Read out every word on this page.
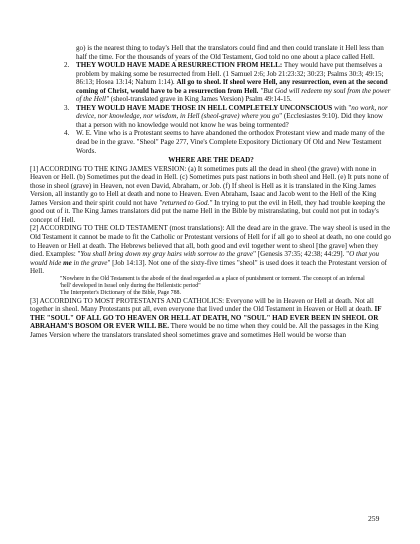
go) is the nearest thing to today's Hell that the translators could find and then could translate it Hell less than half the time. For the thousands of years of the Old Testament, God told no one about a place called Hell.

2. THEY WOULD HAVE MADE A RESURRECTION FROM HELL: They would have put themselves a problem by making some be resurrected from Hell. (1 Samuel 2:6; Job 21:23:32; 30:23; Psalms 30:3; 49:15; 86:13; Hosea 13:14; Nahum 1:14). All go to sheol. If sheol were Hell, any resurrection, even at the second coming of Christ, would have to be a resurrection from Hell. "But God will redeem my soul from the power of the Hell" (sheol-translated grave in King James Version) Psalm 49:14-15.
3. THEY WOULD HAVE MADE THOSE IN HELL COMPLETELY UNCONSCIOUS with "no work, nor device, nor knowledge, nor wisdom, in Hell (sheol-grave) where you go" (Ecclesiastes 9:10). Did they know that a person with no knowledge would not know he was being tormented?
4. W. E. Vine who is a Protestant seems to have abandoned the orthodox Protestant view and made many of the dead be in the grave. "Sheol" Page 277, Vine's Complete Expository Dictionary Of Old and New Testament Words.

WHERE ARE THE DEAD?

[1] ACCORDING TO THE KING JAMES VERSION: (a) It sometimes puts all the dead in sheol (the grave) with none in Heaven or Hell. (b) Sometimes put the dead in Hell. (c) Sometimes puts past nations in both sheol and Hell. (e) It puts none of those in sheol (grave) in Heaven, not even David, Abraham, or Job. (f) If sheol is Hell as it is translated in the King James Version, all instantly go to Hell at death and none to Heaven. Even Abraham, Isaac and Jacob went to the Hell of the King James Version and their spirit could not have "returned to God." In trying to put the evil in Hell, they had trouble keeping the good out of it. The King James translators did put the name Hell in the Bible by mistranslating, but could not put in today's concept of Hell.

[2] ACCORDING TO THE OLD TESTAMENT (most translations): All the dead are in the grave. The way sheol is used in the Old Testament it cannot be made to fit the Catholic or Protestant versions of Hell for if all go to sheol at death, no one could go to Heaven or Hell at death. The Hebrews believed that all, both good and evil together went to sheol [the grave] when they died. Examples: "You shall bring down my gray hairs with sorrow to the grave" [Genesis 37:35; 42:38; 44:29]. "O that you would hide me in the grave" [Job 14:13]. Not one of the sixty-five times "sheol" is used does it teach the Protestant version of Hell.

"Nowhere in the Old Testament is the abode of the dead regarded as a place of punishment or torment. The concept of an infernal 'hell' developed in Israel only during the Hellenistic period"

The Interpreter's Dictionary of the Bible, Page 788.

[3] ACCORDING TO MOST PROTESTANTS AND CATHOLICS: Everyone will be in Heaven or Hell at death. Not all together in sheol. Many Protestants put all, even everyone that lived under the Old Testament in Heaven or Hell at death. IF THE "SOUL" OF ALL GO TO HEAVEN OR HELL AT DEATH, NO "SOUL" HAD EVER BEEN IN SHEOL OR ABRAHAM'S BOSOM OR EVER WILL BE. There would be no time when they could be. All the passages in the King James Version where the translators translated sheol sometimes grave and sometimes Hell would be worse than

259
